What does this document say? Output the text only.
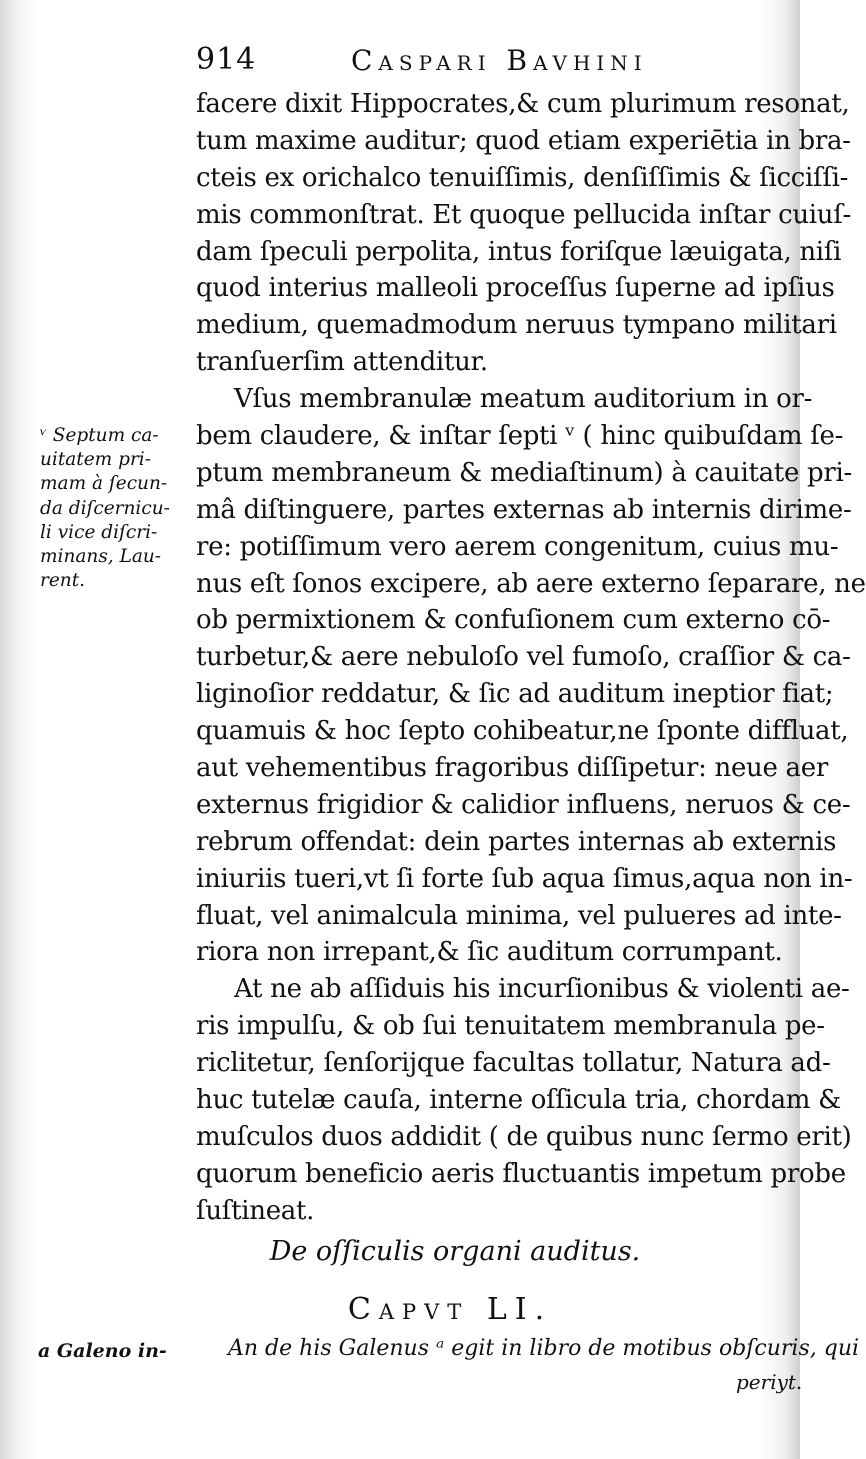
914	Caspari Bavhini
facere dixit Hippocrates,& cum plurimum resonat,
tum maxime auditur; quod etiam experiētia in bra-
cteis ex orichalco tenuiſſimis, denſiſſimis & ſicciſſi-
mis commonſtrat. Et quoque pellucida inſtar cuiuſ-
dam ſpeculi perpolita, intus foriſque læuigata, niſi
quod interius malleoli proceſſus ſuperne ad ipſius
medium, quemadmodum neruus tympano militari
tranſuerſim attenditur.
Vſus membranulæ meatum auditorium in or-
bem claudere, & inſtar ſepti ᵛ ( hinc quibuſdam ſe-
ptum membraneum & mediaſtinum) à cauitate pri-
mâ diſtinguere, partes externas ab internis dirime-
re: potiſſimum vero aerem congenitum, cuius mu-
nus eſt ſonos excipere, ab aere externo ſeparare, ne
ob permixtionem & confuſionem cum externo cō-
turbetur,& aere nebuloſo vel fumoſo, craſſior & ca-
liginoſior reddatur, & ſic ad auditum ineptior fiat;
quamuis & hoc ſepto cohibeatur,ne ſponte diffluat,
aut vehementibus fragoribus diſſipetur: neue aer
externus frigidior & calidior influens, neruos & ce-
rebrum offendat: dein partes internas ab externis
iniuriis tueri,vt ſi forte ſub aqua ſimus,aqua non in-
fluat, vel animalcula minima, vel pulueres ad inte-
riora non irrepant,& ſic auditum corrumpant.
At ne ab aſſiduis his incurſionibus & violenti ae-
ris impulſu, & ob ſui tenuitatem membranula pe-
riclitetur, ſenſorijque facultas tollatur, Natura ad-
huc tutelæ cauſa, interne oſſicula tria, chordam &
muſculos duos addidit ( de quibus nunc ſermo erit)
quorum beneficio aeris fluctuantis impetum probe
ſuſtineat.
ᵛ Septum ca-
uitatem pri-
mam à ſecun-
da diſcernicu-
li vice diſcri-
minans, Lau-
rent.
De oſſiculis organi auditus.
Capvt LI.
a Galeno in-	An de his Galenus ᵃ egit in libro de motibus obſcuris, qui
periyt.
